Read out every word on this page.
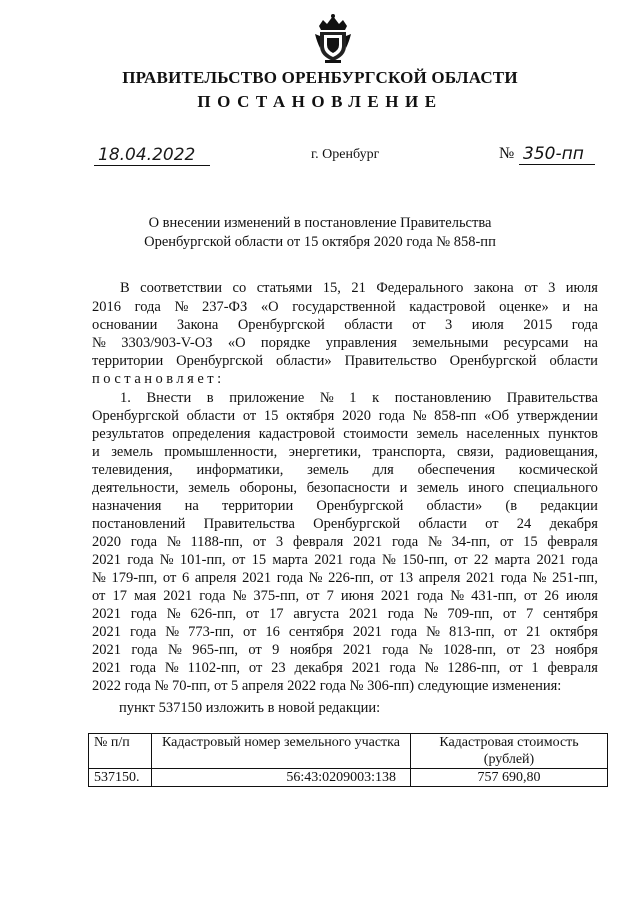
ПРАВИТЕЛЬСТВО ОРЕНБУРГСКОЙ ОБЛАСТИ
ПОСТАНОВЛЕНИЕ
18.04.2022	г. Оренбург	№ 350-пп
О внесении изменений в постановление Правительства
Оренбургской области от 15 октября 2020 года № 858-пп
В соответствии со статьями 15, 21 Федерального закона от 3 июля
2016 года № 237-ФЗ «О государственной кадастровой оценке» и на
основании Закона Оренбургской области от 3 июля 2015 года
№ 3303/903-V-ОЗ «О порядке управления земельными ресурсами на
территории Оренбургской области» Правительство Оренбургской области
постановляет:
1. Внести в приложение № 1 к постановлению Правительства
Оренбургской области от 15 октября 2020 года № 858-пп «Об утверждении
результатов определения кадастровой стоимости земель населенных пунктов
и земель промышленности, энергетики, транспорта, связи, радиовещания,
телевидения, информатики, земель для обеспечения космической
деятельности, земель обороны, безопасности и земель иного специального
назначения на территории Оренбургской области» (в редакции
постановлений Правительства Оренбургской области от 24 декабря
2020 года № 1188-пп, от 3 февраля 2021 года № 34-пп, от 15 февраля
2021 года № 101-пп, от 15 марта 2021 года № 150-пп, от 22 марта 2021 года
№ 179-пп, от 6 апреля 2021 года № 226-пп, от 13 апреля 2021 года № 251-пп,
от 17 мая 2021 года № 375-пп, от 7 июня 2021 года № 431-пп, от 26 июля
2021 года № 626-пп, от 17 августа 2021 года № 709-пп, от 7 сентября
2021 года № 773-пп, от 16 сентября 2021 года № 813-пп, от 21 октября
2021 года № 965-пп, от 9 ноября 2021 года № 1028-пп, от 23 ноября
2021 года № 1102-пп, от 23 декабря 2021 года № 1286-пп, от 1 февраля
2022 года № 70-пп, от 5 апреля 2022 года № 306-пп) следующие изменения:
пункт 537150 изложить в новой редакции:
№ п/п	Кадастровый номер земельного участка	Кадастровая стоимость (рублей)
537150.	56:43:0209003:138	757 690,80
